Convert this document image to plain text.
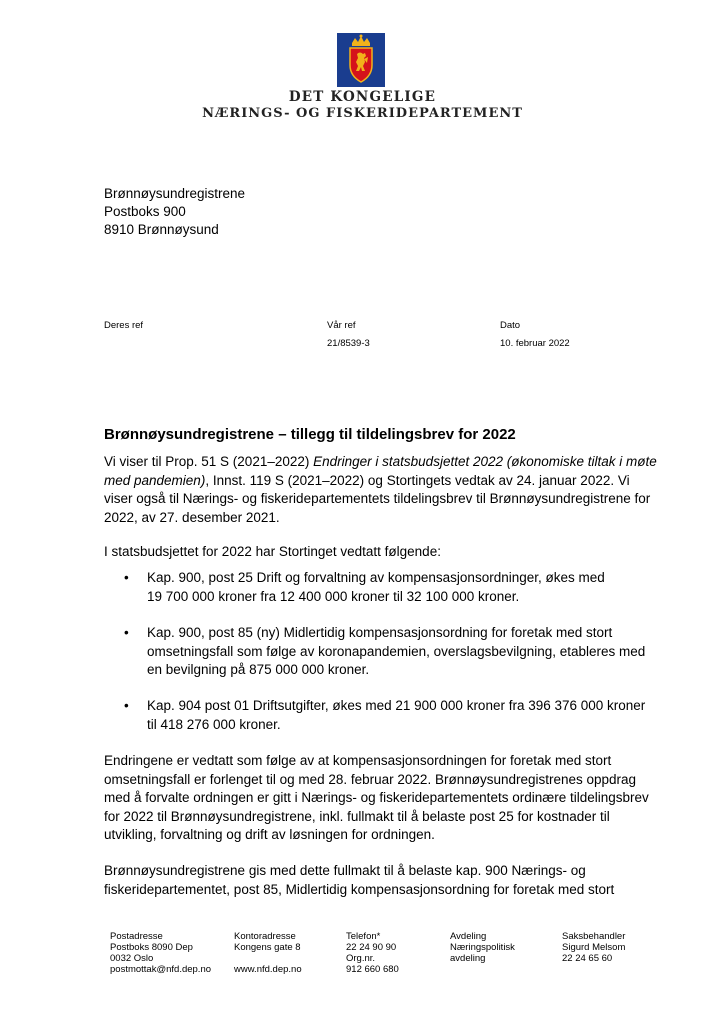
DET KONGELIGE
NÆRINGS- OG FISKERIDEPARTEMENT
Brønnøysundregistrene
Postboks 900
8910 Brønnøysund
Deres ref	Vår ref
21/8539-3
Dato
10. februar 2022
Brønnøysundregistrene – tillegg til tildelingsbrev for 2022
Vi viser til Prop. 51 S (2021–2022) Endringer i statsbudsjettet 2022 (økonomiske tiltak i møte
med pandemien), Innst. 119 S (2021–2022) og Stortingets vedtak av 24. januar 2022. Vi
viser også til Nærings- og fiskeridepartementets tildelingsbrev til Brønnøysundregistrene for
2022, av 27. desember 2021.
I statsbudsjettet for 2022 har Stortinget vedtatt følgende:
• Kap. 900, post 25 Drift og forvaltning av kompensasjonsordninger, økes med
19 700 000 kroner fra 12 400 000 kroner til 32 100 000 kroner.
• Kap. 900, post 85 (ny) Midlertidig kompensasjonsordning for foretak med stort
omsetningsfall som følge av koronapandemien, overslagsbevilgning, etableres med
en bevilgning på 875 000 000 kroner.
• Kap. 904 post 01 Driftsutgifter, økes med 21 900 000 kroner fra 396 376 000 kroner
til 418 276 000 kroner.
Endringene er vedtatt som følge av at kompensasjonsordningen for foretak med stort
omsetningsfall er forlenget til og med 28. februar 2022. Brønnøysundregistrenes oppdrag
med å forvalte ordningen er gitt i Nærings- og fiskeridepartementets ordinære tildelingsbrev
for 2022 til Brønnøysundregistrene, inkl. fullmakt til å belaste post 25 for kostnader til
utvikling, forvaltning og drift av løsningen for ordningen.
Brønnøysundregistrene gis med dette fullmakt til å belaste kap. 900 Nærings- og
fiskeridepartementet, post 85, Midlertidig kompensasjonsordning for foretak med stort
Postadresse
Postboks 8090 Dep
0032 Oslo
postmottak@nfd.dep.no
Kontoradresse
Kongens gate 8

www.nfd.dep.no
Telefon*
22 24 90 90
Org.nr.
912 660 680
Avdeling
Næringspolitisk
avdeling
Saksbehandler
Sigurd Melsom
22 24 65 60
